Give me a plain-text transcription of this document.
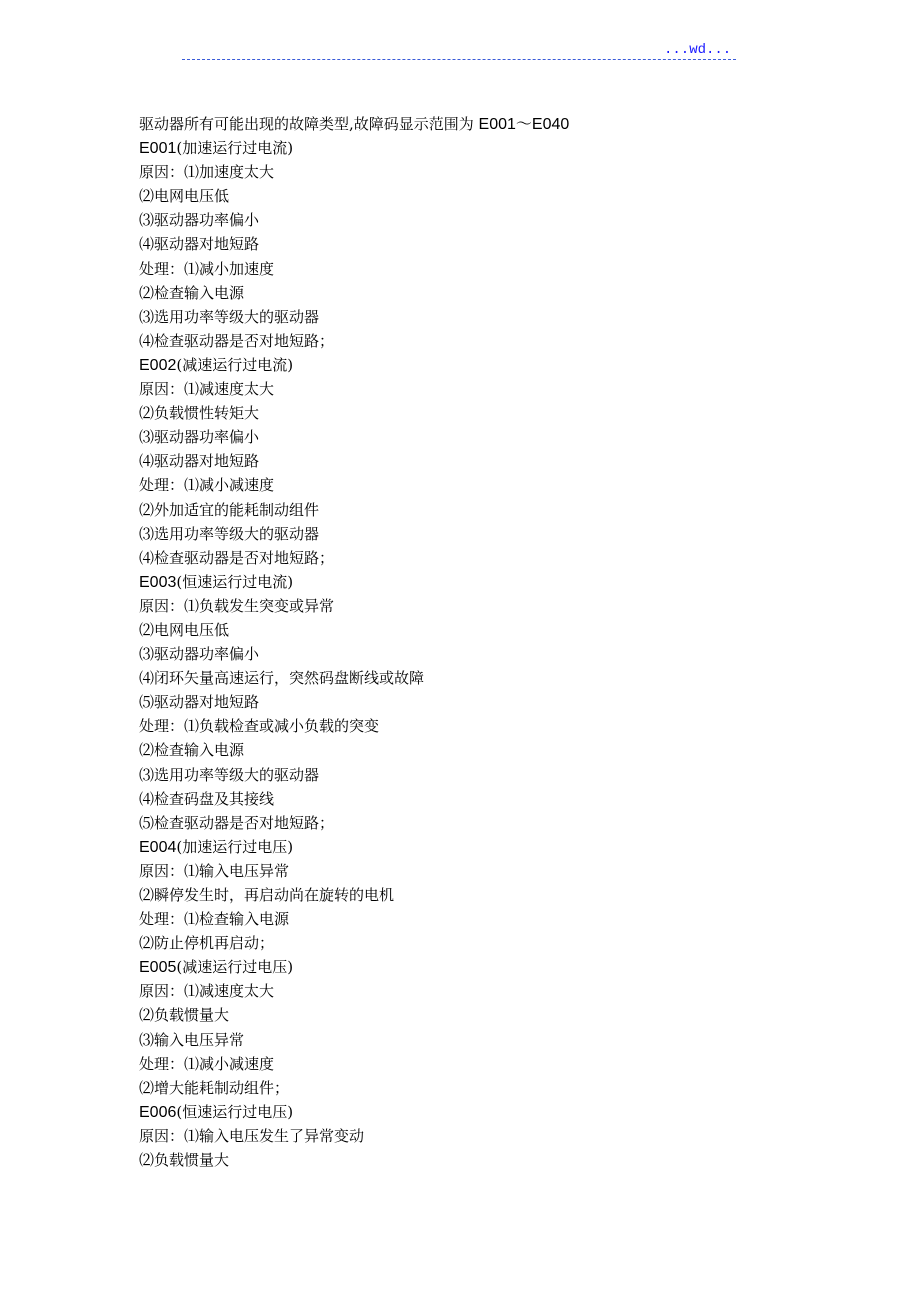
...wd...
驱动器所有可能出现的故障类型,故障码显示范围为 E001～E040
E001(加速运行过电流)
原因：⑴加速度太大
⑵电网电压低
⑶驱动器功率偏小
⑷驱动器对地短路
处理：⑴减小加速度
⑵检查输入电源
⑶选用功率等级大的驱动器
⑷检查驱动器是否对地短路；
E002(减速运行过电流)
原因：⑴减速度太大
⑵负载惯性转矩大
⑶驱动器功率偏小
⑷驱动器对地短路
处理：⑴减小减速度
⑵外加适宜的能耗制动组件
⑶选用功率等级大的驱动器
⑷检查驱动器是否对地短路；
E003(恒速运行过电流)
原因：⑴负载发生突变或异常
⑵电网电压低
⑶驱动器功率偏小
⑷闭环矢量高速运行，突然码盘断线或故障
⑸驱动器对地短路
处理：⑴负载检查或减小负载的突变
⑵检查输入电源
⑶选用功率等级大的驱动器
⑷检查码盘及其接线
⑸检查驱动器是否对地短路；
E004(加速运行过电压)
原因：⑴输入电压异常
⑵瞬停发生时，再启动尚在旋转的电机
处理：⑴检查输入电源
⑵防止停机再启动；
E005(减速运行过电压)
原因：⑴减速度太大
⑵负载惯量大
⑶输入电压异常
处理：⑴减小减速度
⑵增大能耗制动组件；
E006(恒速运行过电压)
原因：⑴输入电压发生了异常变动
⑵负载惯量大
